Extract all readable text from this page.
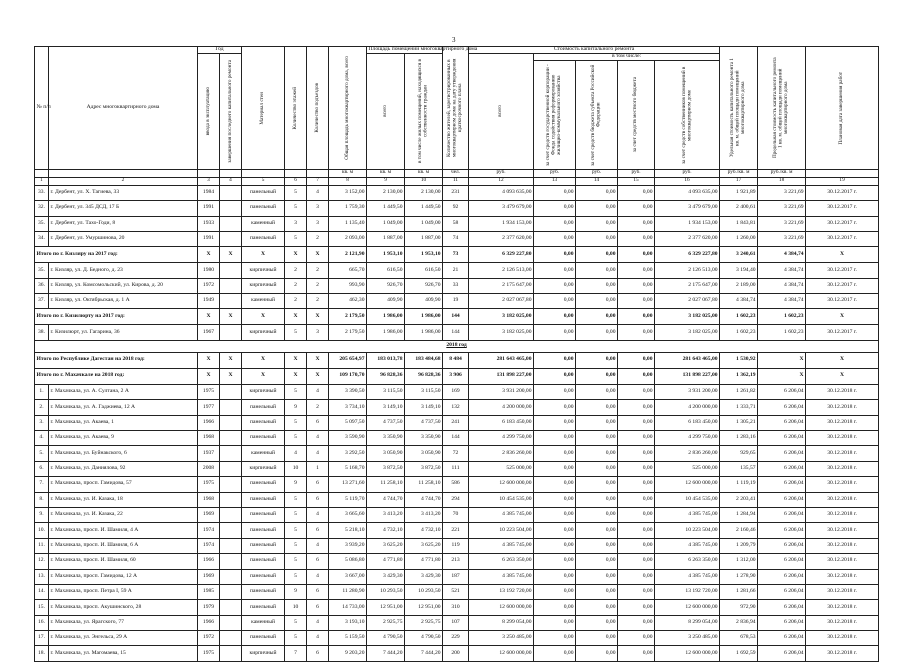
3
№ п/п	Адрес многоквартирного дома	Год		Материал стен	Количество этажей	Количество подъездов	Общая площадь многоквартирного дома, всего	Площадь помещений многоквартирного дома		Количество жителей, зарегистрированных в многоквартирном доме на дату утверждения краткосрочного плана	Стоимость капитального ремонта					Удельная стоимость капитального ремонта 1 кв. м. общей площади помещений многоквартирного дома	Предельная стоимость капитального ремонта 1 кв. м. общей площади помещений многоквартирного дома	Плановая дата завершения работ

		ввода в эксплуатацию	завершения последнего капитального ремонта					всего	в том числе жилых помещений, находящихся в собственности граждан		всего	в том числе:						

												за счет средств государственной корпорации - Фонда содействия реформированию жилищно-коммунального хозяйства	за счет средств бюджета субъекта Российской Федерации	за счет средств местного бюджета	за счет средств собственников помещений в многоквартирном доме			

							кв. м	кв. м	кв. м	чел.	руб.	руб.	руб.	руб.	руб.	руб./кв. м	руб./кв. м	
1	2	3	4	5	6	7	8	9	10	11	12	13	14	15	16	17	18	19
33.	г. Дербент, ул. Х. Тагиева, 33	1984		панельный	5	4	3 152,00	2 130,00	2 130,00	231	4 093 635,00	0,00	0,00	0,00	4 093 635,00	1 921,89	3 221,69	30.12.2017 г.
32.	г. Дербент, ул. 345 ДСД, 17 Б	1991		панельный	5	3	1 759,30	1 449,50	1 449,50	92	3 479 679,00	0,00	0,00	0,00	3 479 679,00	2 400,61	3 221,69	30.12.2017 г.
35.	г. Дербент, ул. Тахо-Годи, 8	1933		каменный	3	3	1 135,40	1 049,00	1 049,00	58	1 934 153,00	0,00	0,00	0,00	1 934 153,00	1 843,81	3 221,69	30.12.2017 г.
34.	г. Дербент, ул. Умуршинова, 20	1991		панельный	5	2	2 093,00	1 887,00	1 887,00	74	2 377 620,00	0,00	0,00	0,00	2 377 620,00	1 260,00	3 221,69	30.12.2017 г.
Итого по г. Кизляру на 2017 год:		X	X	X	X	X	2 121,90	1 953,10	1 953,10	73	6 329 227,80	0,00	0,00	0,00	6 329 227,80	3 240,61	4 384,74	X
35.	г. Кизляр, ул. Д. Бедного, д. 23	1980		кирпичный	2	2	665,70	616,50	616,50	21	2 126 513,00	0,00	0,00	0,00	2 126 513,00	3 194,40	4 384,74	30.12.2017 г.
36.	г. Кизляр, ул. Комсомольский, ул. Кирова, д. 20	1972		кирпичный	2	2	993,90	926,70	926,70	33	2 175 647,00	0,00	0,00	0,00	2 175 647,00	2 189,00	4 384,74	30.12.2017 г.
37.	г. Кизляр, ул. Октябрьская, д. 1 А	1949		каменный	2	2	462,30	409,90	409,90	19	2 027 067,80	0,00	0,00	0,00	2 027 067,80	4 384,74	4 384,74	30.12.2017 г.
Итого по г. Кизилюрту на 2017 год:		X	X	X	X	X	2 179,50	1 986,00	1 986,00	144	3 182 025,00	0,00	0,00	0,00	3 182 025,00	1 602,23	1 602,23	X
38.	г. Кизилюрт, ул. Гагарина, 36	1967		кирпичный	5	3	2 179,50	1 986,00	1 986,00	144	3 182 025,00	0,00	0,00	0,00	3 182 025,00	1 602,23	1 602,23	30.12.2017 г.
2018 год																		
Итого по Республике Дагестан на 2018 год:		X	X	X	X	X	205 654,97	183 013,78	183 484,68	8 484	281 643 465,00	0,00	0,00	0,00	281 643 465,00	1 530,92	X	X
Итого по г. Махачкале на 2018 год:		X	X	X	X	X	109 170,70	96 828,36	96 828,36	3 906	131 898 227,00	0,00	0,00	0,00	131 898 227,00	1 362,19	X	X
1.	г. Махачкала, ул. А. Султана, 2 А	1975		кирпичный	5	4	3 390,50	3 115,50	3 115,50	169	3 931 200,00	0,00	0,00	0,00	3 931 200,00	1 261,82	6 206,04	30.12.2018 г.
2.	г. Махачкала, ул. А. Гаджиева, 12 А	1977		панельный	9	2	3 734,10	3 149,10	3 149,10	132	4 200 000,00	0,00	0,00	0,00	4 200 000,00	1 333,71	6 206,04	30.12.2018 г.
3.	г. Махачкала, ул. Акаева, 1	1966		панельный	5	6	5 097,50	4 737,50	4 737,50	241	6 183 450,00	0,00	0,00	0,00	6 183 450,00	1 305,21	6 206,04	30.12.2018 г.
4.	г. Махачкала, ул. Акаева, 9	1968		панельный	5	4	3 590,90	3 350,90	3 350,90	144	4 299 750,00	0,00	0,00	0,00	4 299 750,00	1 283,16	6 206,04	30.12.2018 г.
5.	г. Махачкала, ул. Буйнакского, 6	1937		каменный	4	4	3 292,50	3 050,90	3 050,90	72	2 836 260,00	0,00	0,00	0,00	2 836 260,00	929,65	6 206,04	30.12.2018 г.
6.	г. Махачкала, ул. Даниялова, 92	2008		кирпичный	10	1	5 168,70	3 872,50	3 872,50	111	525 000,00	0,00	0,00	0,00	525 000,00	135,57	6 206,04	30.12.2018 г.
7.	г. Махачкала, просп. Гамидова, 57	1975		панельный	9	6	13 271,60	11 258,10	11 258,10	586	12 600 000,00	0,00	0,00	0,00	12 600 000,00	1 119,19	6 206,04	30.12.2018 г.
8.	г. Махачкала, ул. И. Казака, 18	1968		панельный	5	6	5 119,70	4 744,70	4 744,70	294	10 454 535,00	0,00	0,00	0,00	10 454 535,00	2 203,41	6 206,04	30.12.2018 г.
9.	г. Махачкала, ул. И. Казака, 22	1969		панельный	5	4	3 665,60	3 413,20	3 413,20	70	4 385 745,00	0,00	0,00	0,00	4 385 745,00	1 284,94	6 206,04	30.12.2018 г.
10.	г. Махачкала, просп. И. Шамиля, 4 А	1974		панельный	5	6	5 218,10	4 732,10	4 732,10	221	10 223 504,00	0,00	0,00	0,00	10 223 504,00	2 160,46	6 206,04	30.12.2018 г.
11.	г. Махачкала, просп. И. Шамиля, 6 А	1974		панельный	5	4	3 939,20	3 625,20	3 625,20	119	4 385 745,00	0,00	0,00	0,00	4 385 745,00	1 209,79	6 206,04	30.12.2018 г.
12.	г. Махачкала, просп. И. Шамиля, 60	1966		панельный	5	6	5 086,80	4 771,80	4 771,80	213	6 263 350,00	0,00	0,00	0,00	6 263 350,00	1 312,00	6 206,04	30.12.2018 г.
13.	г. Махачкала, просп. Гамидова, 12 А	1969		панельный	5	4	3 667,00	3 429,30	3 429,30	187	4 385 745,00	0,00	0,00	0,00	4 385 745,00	1 278,90	6 206,04	30.12.2018 г.
14.	г. Махачкала, просп. Петра I, 59 А	1985		панельный	9	6	11 280,90	10 293,50	10 293,50	521	13 192 720,00	0,00	0,00	0,00	13 192 720,00	1 281,66	6 206,04	30.12.2018 г.
15.	г. Махачкала, просп. Акушинского, 28	1979		панельный	10	6	14 733,00	12 951,00	12 951,00	310	12 600 000,00	0,00	0,00	0,00	12 600 000,00	972,90	6 206,04	30.12.2018 г.
16.	г. Махачкала, ул. Ярагского, 77	1966		каменный	5	4	3 193,10	2 925,75	2 925,75	107	8 299 054,00	0,00	0,00	0,00	8 299 054,00	2 836,94	6 206,04	30.12.2018 г.
17.	г. Махачкала, ул. Энгельса, 29 А	1972		панельный	5	4	5 159,50	4 790,50	4 790,50	229	3 250 485,00	0,00	0,00	0,00	3 250 485,00	678,53	6 206,04	30.12.2018 г.
18.	г. Махачкала, ул. Магомаева, 15	1975		кирпичный	7	6	9 203,20	7 444,20	7 444,20	200	12 600 000,00	0,00	0,00	0,00	12 600 000,00	1 692,59	6 206,04	30.12.2018 г.
